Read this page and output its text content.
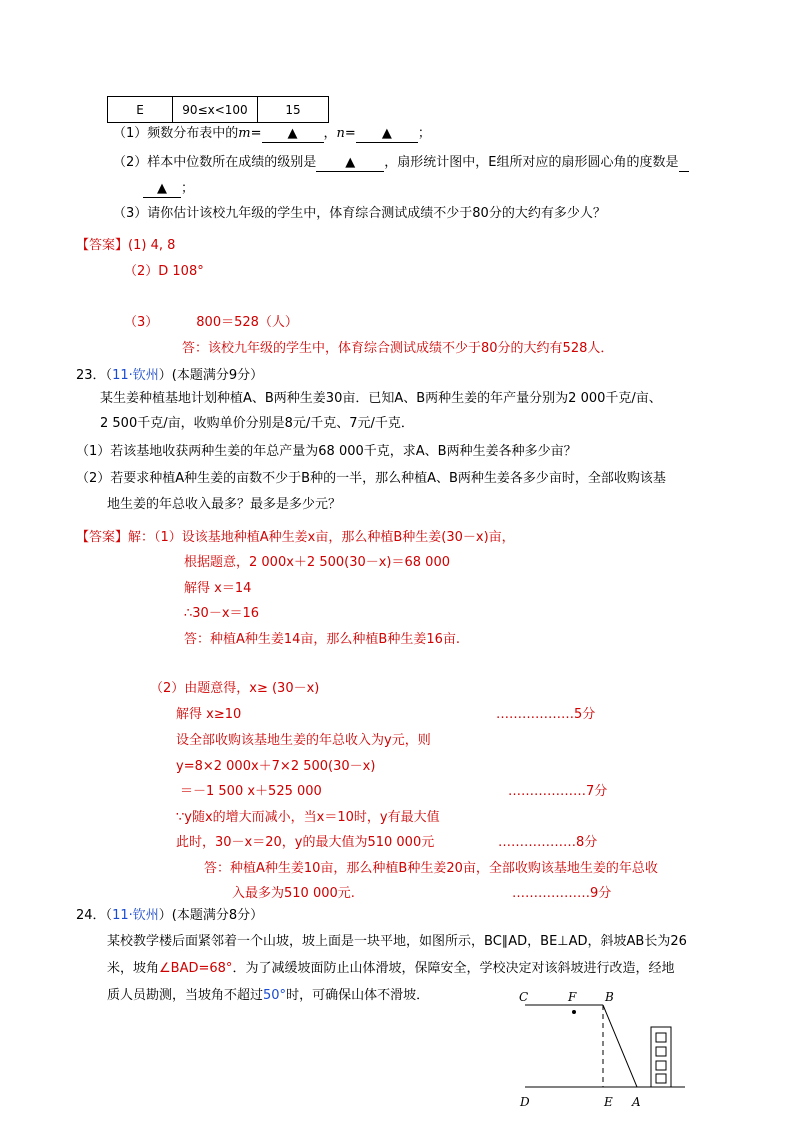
E	90≤x<100	15
（1）频数分布表中的m= ▲ ，n= ▲ ；
（2）样本中位数所在成绩的级别是 ▲ ，扇形统计图中，E组所对应的扇形圆心角的度数是
▲ ；
（3）请你估计该校九年级的学生中，体育综合测试成绩不少于80分的大约有多少人？
【答案】(1) 4, 8
（2）D 108°
（3）	800＝528（人）
答：该校九年级的学生中，体育综合测试成绩不少于80分的大约有528人．
23．（11·钦州）(本题满分9分）
某生姜种植基地计划种植A、B两种生姜30亩．已知A、B两种生姜的年产量分别为2 000千克/亩、
2 500千克/亩，收购单价分别是8元/千克、7元/千克．
（1）若该基地收获两种生姜的年总产量为68 000千克，求A、B两种生姜各种多少亩？
（2）若要求种植A种生姜的亩数不少于B种的一半，那么种植A、B两种生姜各多少亩时，全部收购该基
地生姜的年总收入最多？最多是多少元？
【答案】解：（1）设该基地种植A种生姜x亩，那么种植B种生姜(30－x)亩，
根据题意，2 000x＋2 500(30－x)＝68 000
解得 x＝14
∴30－x＝16
答：种植A种生姜14亩，那么种植B种生姜16亩.
（2）由题意得，x≥ (30－x)
解得 x≥10	………………5分
设全部收购该基地生姜的年总收入为y元，则
y=8×2 000x＋7×2 500(30－x)
＝－1 500 x＋525 000	………………7分
∵y随x的增大而减小，当x＝10时，y有最大值
此时，30－x＝20，y的最大值为510 000元	………………8分
答：种植A种生姜10亩，那么种植B种生姜20亩，全部收购该基地生姜的年总收
入最多为510 000元.	………………9分
24．（11·钦州）(本题满分8分）
某校教学楼后面紧邻着一个山坡，坡上面是一块平地，如图所示，BC∥AD，BE⊥AD，斜坡AB长为26
米，坡角∠BAD=68°．为了减缓坡面防止山体滑坡，保障安全，学校决定对该斜坡进行改造，经地
质人员勘测，当坡角不超过50°时，可确保山体不滑坡．	C	F B
D	E A
